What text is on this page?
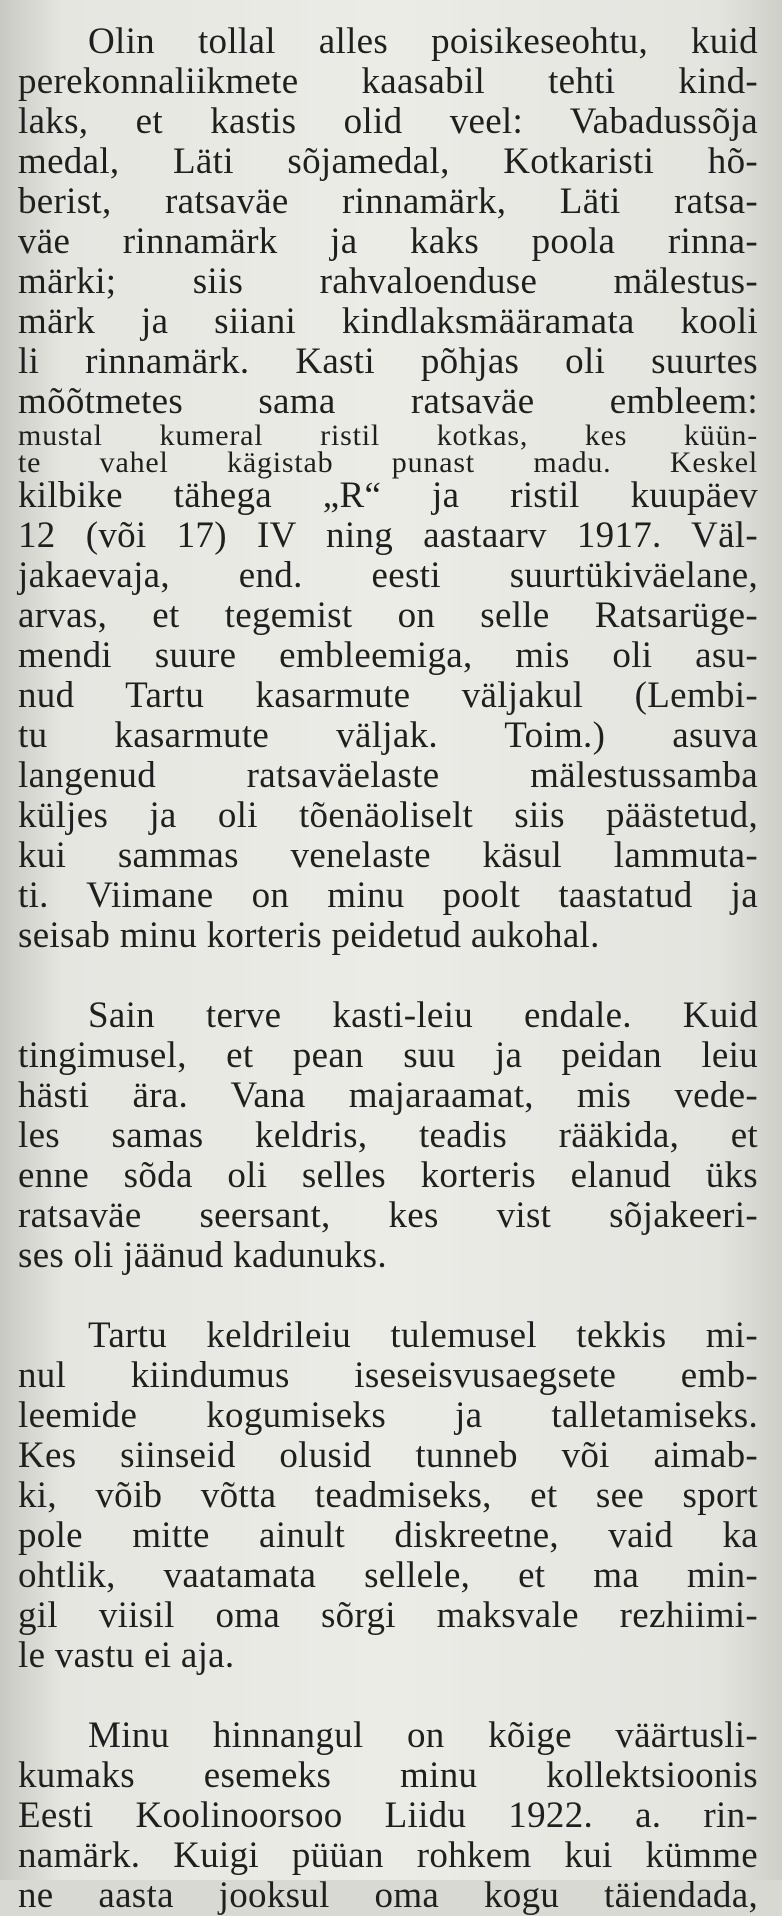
Olin tollal alles poisikeseohtu, kuid
perekonnaliikmete kaasabil tehti kind-
laks, et kastis olid veel: Vabadussõja
medal, Läti sõjamedal, Kotkaristi hõ-
berist, ratsaväe rinnamärk, Läti ratsa-
väe rinnamärk ja kaks poola rinna-
märki; siis rahvaloenduse mälestus-
märk ja siiani kindlaksmääramata kooli
li rinnamärk. Kasti põhjas oli suurtes
mõõtmetes sama ratsaväe embleem:
mustal kumeral ristil kotkas, kes küün-
te vahel kägistab punast madu. Keskel
kilbike tähega „R“ ja ristil kuupäev
12 (või 17) IV ning aastaarv 1917. Väl-
jakaevaja, end. eesti suurtükiväelane,
arvas, et tegemist on selle Ratsarüge-
mendi suure embleemiga, mis oli asu-
nud Tartu kasarmute väljakul (Lembi-
tu kasarmute väljak. Toim.) asuva
langenud ratsaväelaste mälestussamba
küljes ja oli tõenäoliselt siis päästetud,
kui sammas venelaste käsul lammuta-
ti. Viimane on minu poolt taastatud ja
seisab minu korteris peidetud aukohal.
Sain terve kasti-leiu endale. Kuid
tingimusel, et pean suu ja peidan leiu
hästi ära. Vana majaraamat, mis vede-
les samas keldris, teadis rääkida, et
enne sõda oli selles korteris elanud üks
ratsaväe seersant, kes vist sõjakeeri-
ses oli jäänud kadunuks.
Tartu keldrileiu tulemusel tekkis mi-
nul kiindumus iseseisvusaegsete emb-
leemide kogumiseks ja talletamiseks.
Kes siinseid olusid tunneb või aimab-
ki, võib võtta teadmiseks, et see sport
pole mitte ainult diskreetne, vaid ka
ohtlik, vaatamata sellele, et ma min-
gil viisil oma sõrgi maksvale rezhiimi-
le vastu ei aja.
Minu hinnangul on kõige väärtusli-
kumaks esemeks minu kollektsioonis
Eesti Koolinoorsoo Liidu 1922. a. rin-
namärk. Kuigi püüan rohkem kui kümme
ne aasta jooksul oma kogu täiendada,
